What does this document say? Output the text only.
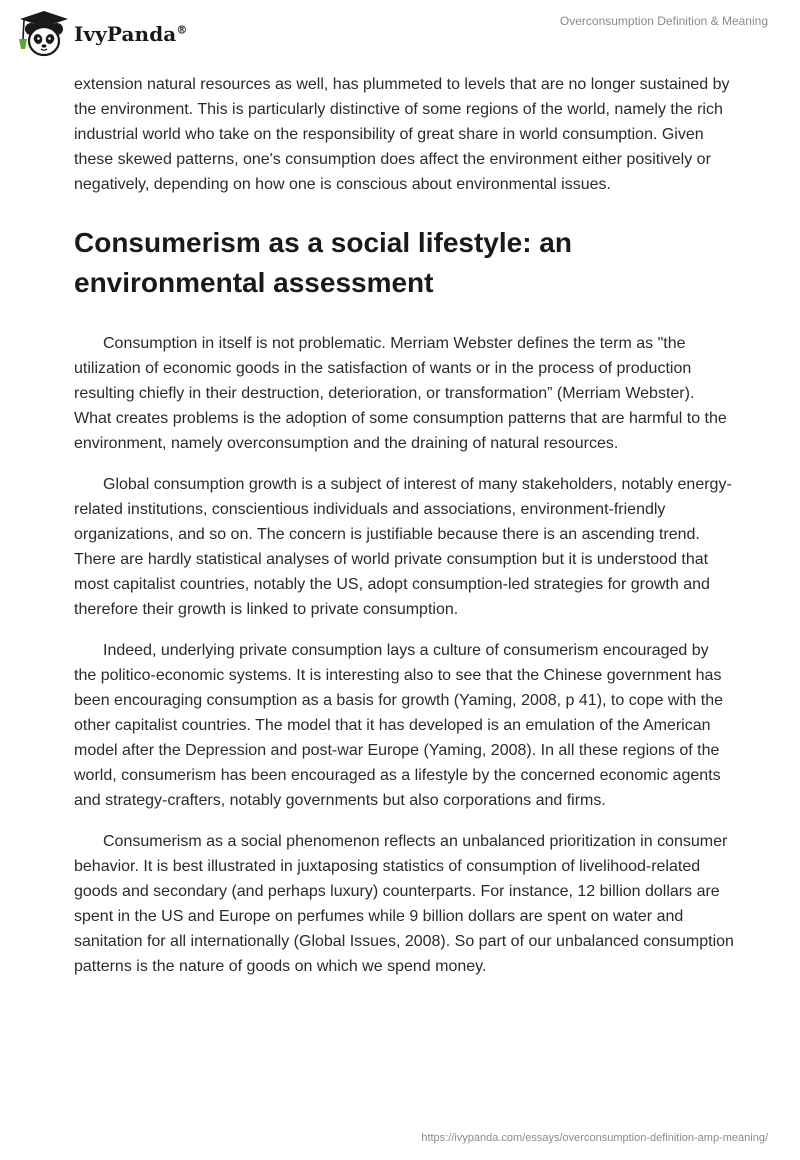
IvyPanda®
Overconsumption Definition & Meaning

extension natural resources as well, has plummeted to levels that are no longer sustained by the environment. This is particularly distinctive of some regions of the world, namely the rich industrial world who take on the responsibility of great share in world consumption. Given these skewed patterns, one's consumption does affect the environment either positively or negatively, depending on how one is conscious about environmental issues.

Consumerism as a social lifestyle: an environmental assessment

Consumption in itself is not problematic. Merriam Webster defines the term as "the utilization of economic goods in the satisfaction of wants or in the process of production resulting chiefly in their destruction, deterioration, or transformation” (Merriam Webster). What creates problems is the adoption of some consumption patterns that are harmful to the environment, namely overconsumption and the draining of natural resources.

Global consumption growth is a subject of interest of many stakeholders, notably energy-related institutions, conscientious individuals and associations, environment-friendly organizations, and so on. The concern is justifiable because there is an ascending trend. There are hardly statistical analyses of world private consumption but it is understood that most capitalist countries, notably the US, adopt consumption-led strategies for growth and therefore their growth is linked to private consumption.

Indeed, underlying private consumption lays a culture of consumerism encouraged by the politico-economic systems. It is interesting also to see that the Chinese government has been encouraging consumption as a basis for growth (Yaming, 2008, p 41), to cope with the other capitalist countries. The model that it has developed is an emulation of the American model after the Depression and post-war Europe (Yaming, 2008). In all these regions of the world, consumerism has been encouraged as a lifestyle by the concerned economic agents and strategy-crafters, notably governments but also corporations and firms.

Consumerism as a social phenomenon reflects an unbalanced prioritization in consumer behavior. It is best illustrated in juxtaposing statistics of consumption of livelihood-related goods and secondary (and perhaps luxury) counterparts. For instance, 12 billion dollars are spent in the US and Europe on perfumes while 9 billion dollars are spent on water and sanitation for all internationally (Global Issues, 2008). So part of our unbalanced consumption patterns is the nature of goods on which we spend money.

https://ivypanda.com/essays/overconsumption-definition-amp-meaning/
